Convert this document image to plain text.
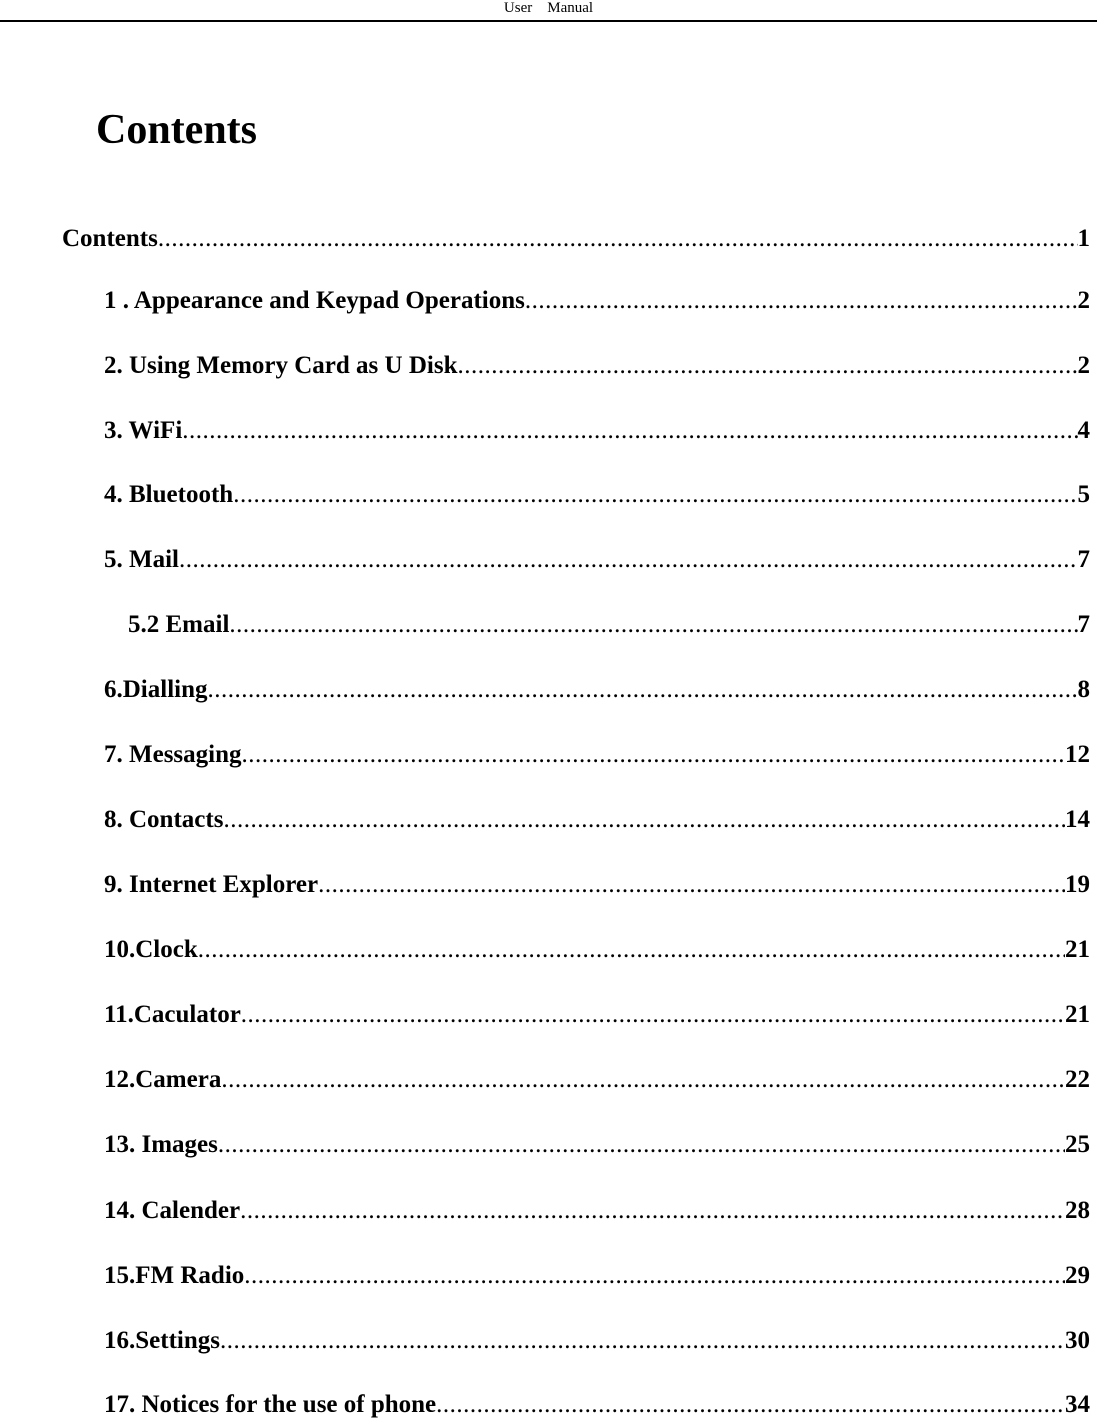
User    Manual
Contents
Contents .....	1
1 . Appearance and Keypad Operations .....	2
2. Using Memory Card as U Disk .....	2
3. WiFi .....	4
4. Bluetooth .....	5
5. Mail .....	7
5.2 Email .....	7
6.Dialling .....	8
7. Messaging .....	12
8. Contacts .....	14
9. Internet Explorer .....	19
10.Clock .....	21
11.Caculator .....	21
12.Camera .....	22
13. Images .....	25
14. Calender .....	28
15.FM Radio .....	29
16.Settings .....	30
17. Notices for the use of phone .....	34
